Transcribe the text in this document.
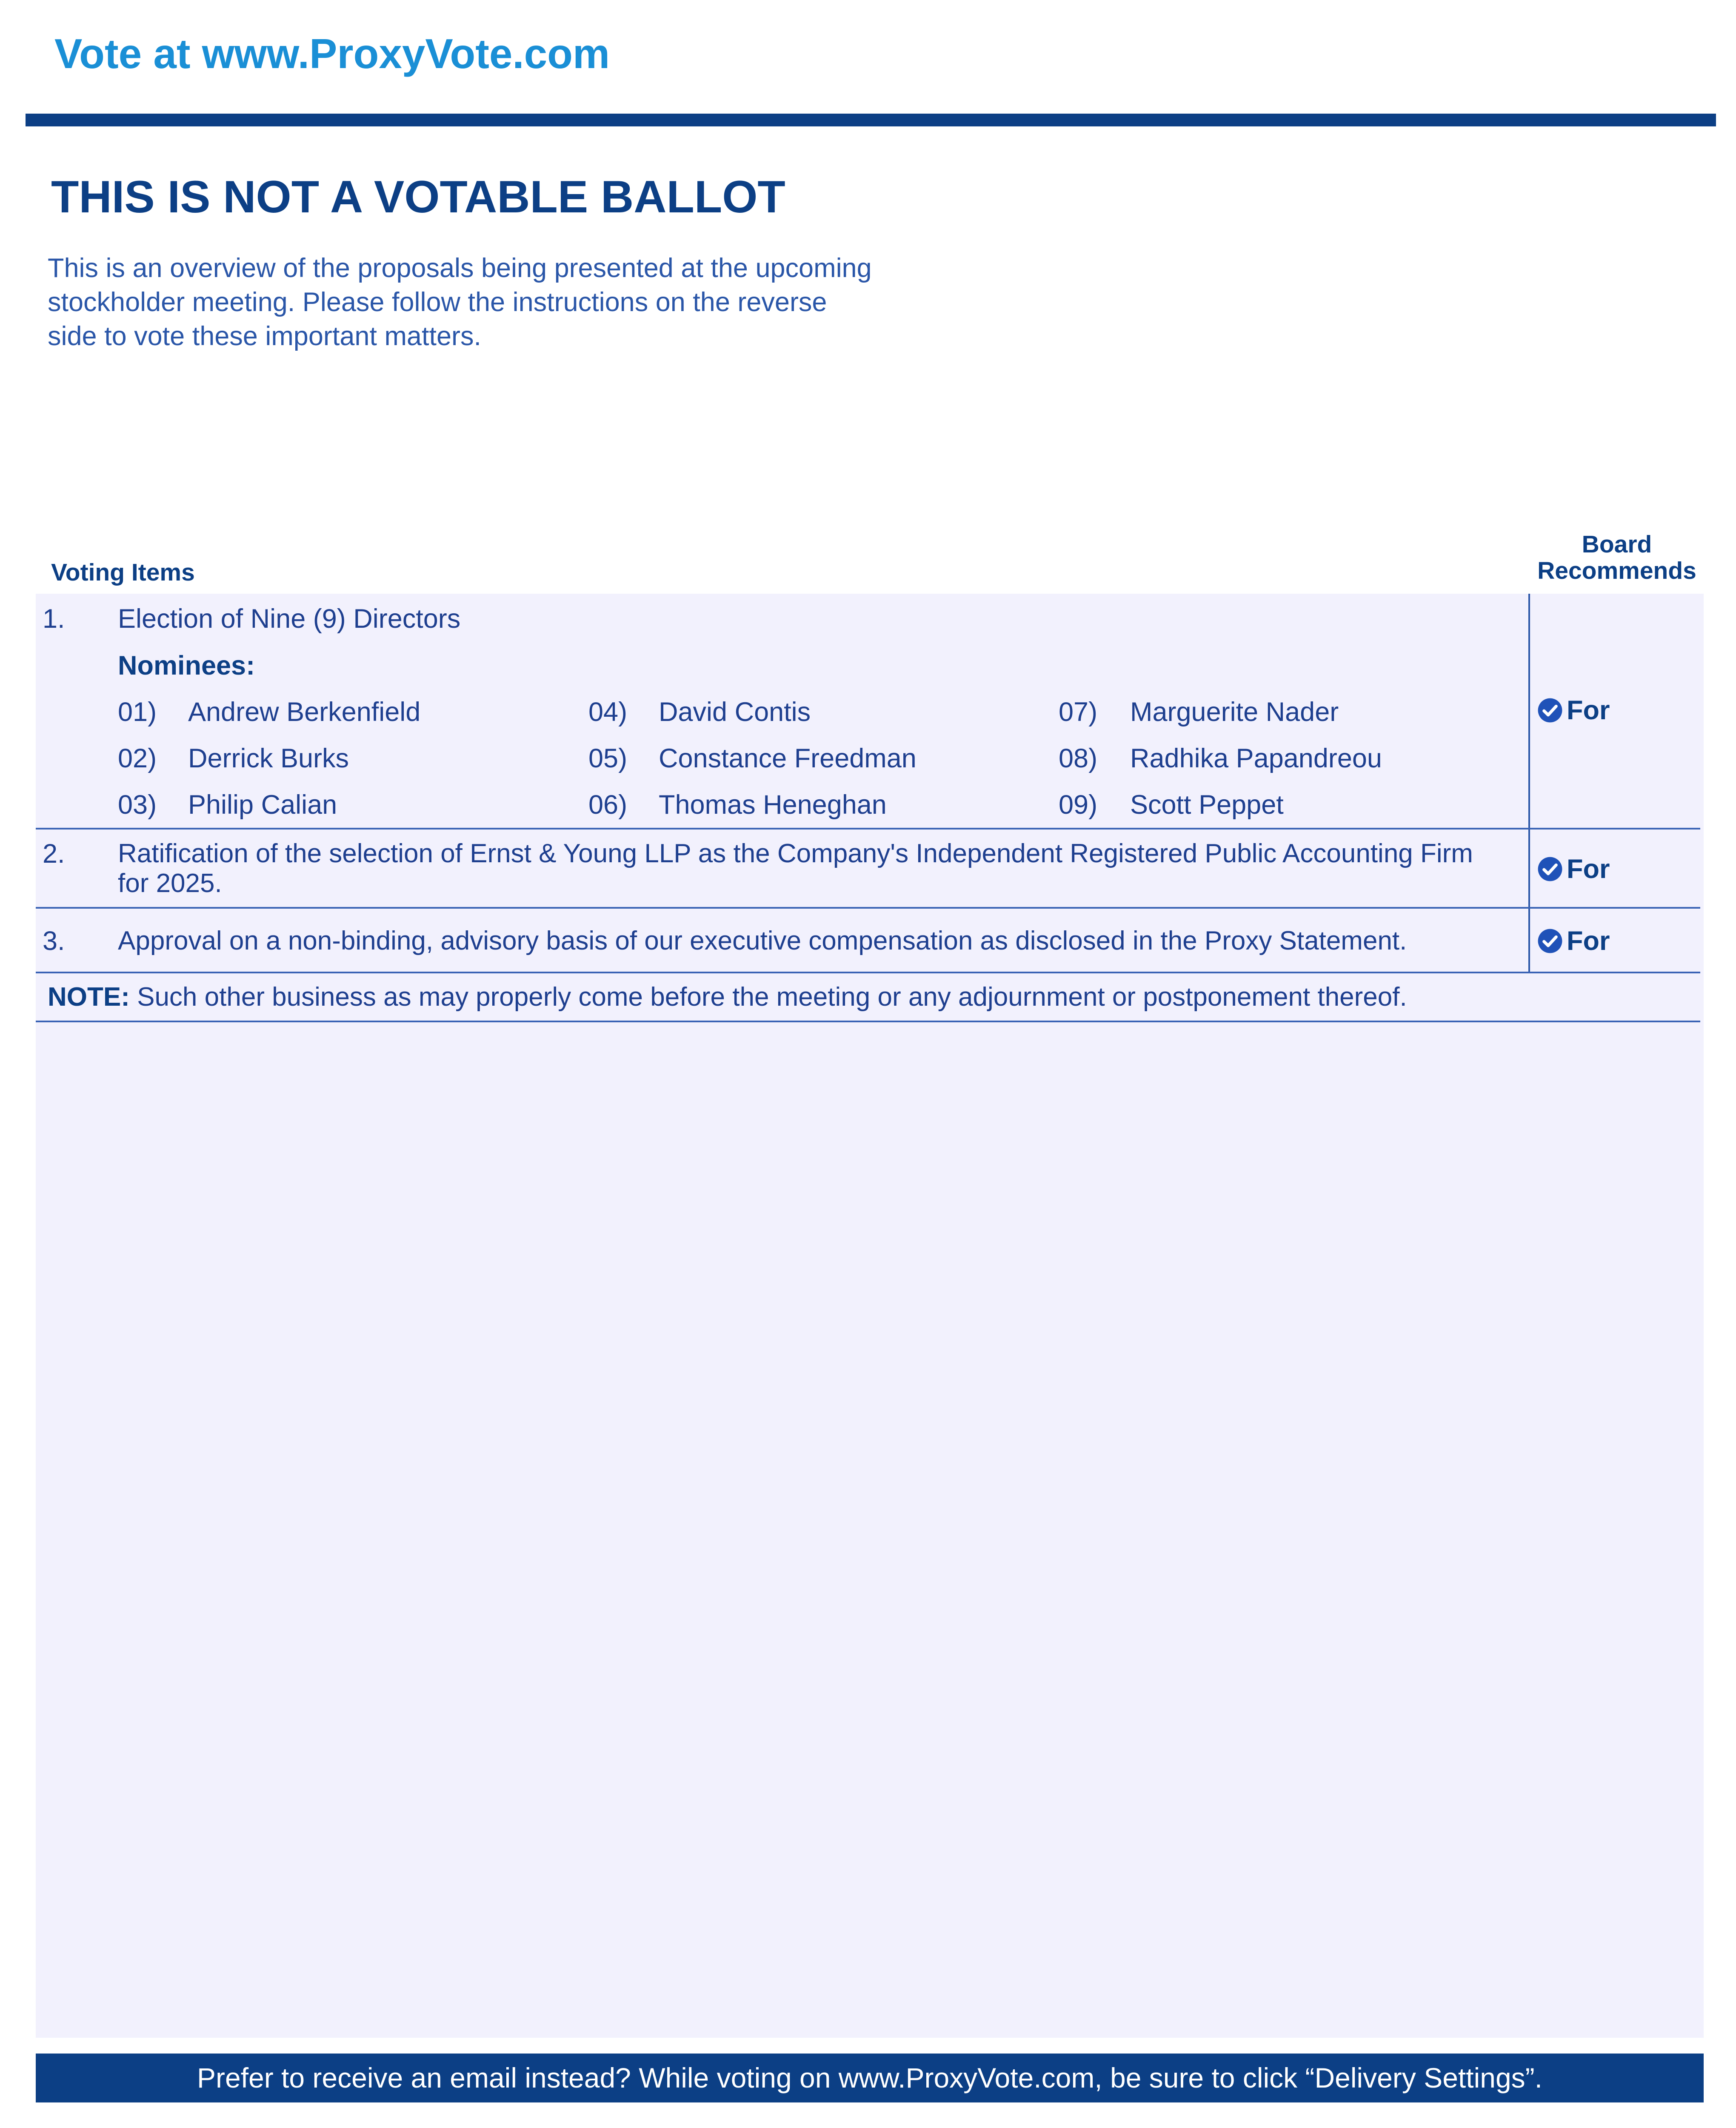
Vote at www.ProxyVote.com
THIS IS NOT A VOTABLE BALLOT
This is an overview of the proposals being presented at the upcoming stockholder meeting. Please follow the instructions on the reverse side to vote these important matters.
Board
Recommends
Voting Items
1. Election of Nine (9) Directors
Nominees:
01) Andrew Berkenfield
02) Derrick Burks
03) Philip Calian
04) David Contis
05) Constance Freedman
06) Thomas Heneghan
07) Marguerite Nader
08) Radhika Papandreou
09) Scott Peppet
For
2. Ratification of the selection of Ernst & Young LLP as the Company's Independent Registered Public Accounting Firm
for 2025.	For
3. Approval on a non-binding, advisory basis of our executive compensation as disclosed in the Proxy Statement.	For
NOTE: Such other business as may properly come before the meeting or any adjournment or postponement thereof.
Prefer to receive an email instead? While voting on www.ProxyVote.com, be sure to click “Delivery Settings”.
